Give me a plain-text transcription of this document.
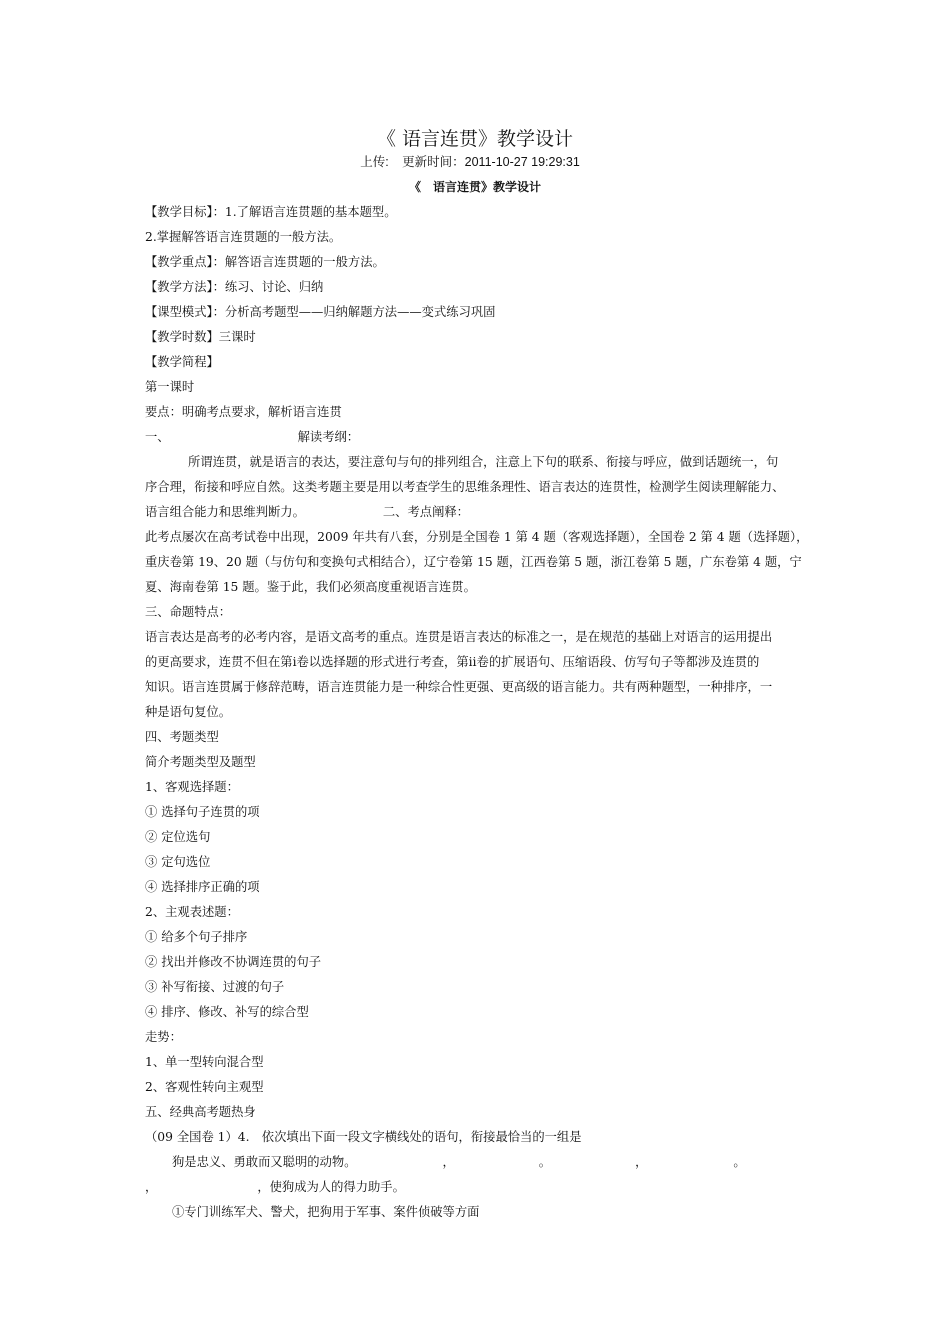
《 语言连贯》教学设计
上传: 更新时间：2011-10-27 19:29:31
《　语言连贯》教学设计
【教学目标】：1.了解语言连贯题的基本题型。
2.掌握解答语言连贯题的一般方法。
【教学重点】：解答语言连贯题的一般方法。
【教学方法】：练习、讨论、归纳
【课型模式】：分析高考题型——归纳解题方法——变式练习巩固
【教学时数】三课时
【教学简程】
第一课时
要点：明确考点要求，解析语言连贯
一、	解读考纲：
所谓连贯，就是语言的表达，要注意句与句的排列组合，注意上下句的联系、衔接与呼应，做到话题统一，句
序合理，衔接和呼应自然。这类考题主要是用以考查学生的思维条理性、语言表达的连贯性，检测学生阅读理解能力、
语言组合能力和思维判断力。	二、考点阐释：
此考点屡次在高考试卷中出现，2009 年共有八套，分别是全国卷 1 第 4 题（客观选择题），全国卷 2 第 4 题（选择题），
重庆卷第 19、20 题（与仿句和变换句式相结合），辽宁卷第 15 题，江西卷第 5 题，浙江卷第 5 题，广东卷第 4 题，宁
夏、海南卷第 15 题。鉴于此，我们必须高度重视语言连贯。
三、命题特点：
语言表达是高考的必考内容，是语文高考的重点。连贯是语言表达的标准之一，是在规范的基础上对语言的运用提出
的更高要求，连贯不但在第ⅰ卷以选择题的形式进行考查，第ⅱ卷的扩展语句、压缩语段、仿写句子等都涉及连贯的
知识。语言连贯属于修辞范畴，语言连贯能力是一种综合性更强、更高级的语言能力。共有两种题型，一种排序，一
种是语句复位。
四、考题类型
简介考题类型及题型
1、客观选择题：
① 选择句子连贯的项
② 定位选句
③ 定句选位
④ 选择排序正确的项
2、主观表述题：
① 给多个句子排序
② 找出并修改不协调连贯的句子
③ 补写衔接、过渡的句子
④ 排序、修改、补写的综合型
走势：
1、单一型转向混合型
2、客观性转向主观型
五、经典高考题热身
（09 全国卷 1）4.　依次填出下面一段文字横线处的语句，衔接最恰当的一组是
狗是忠义、勇敢而又聪明的动物。	，	。	，	。
，	，使狗成为人的得力助手。
①专门训练军犬、警犬，把狗用于军事、案件侦破等方面
